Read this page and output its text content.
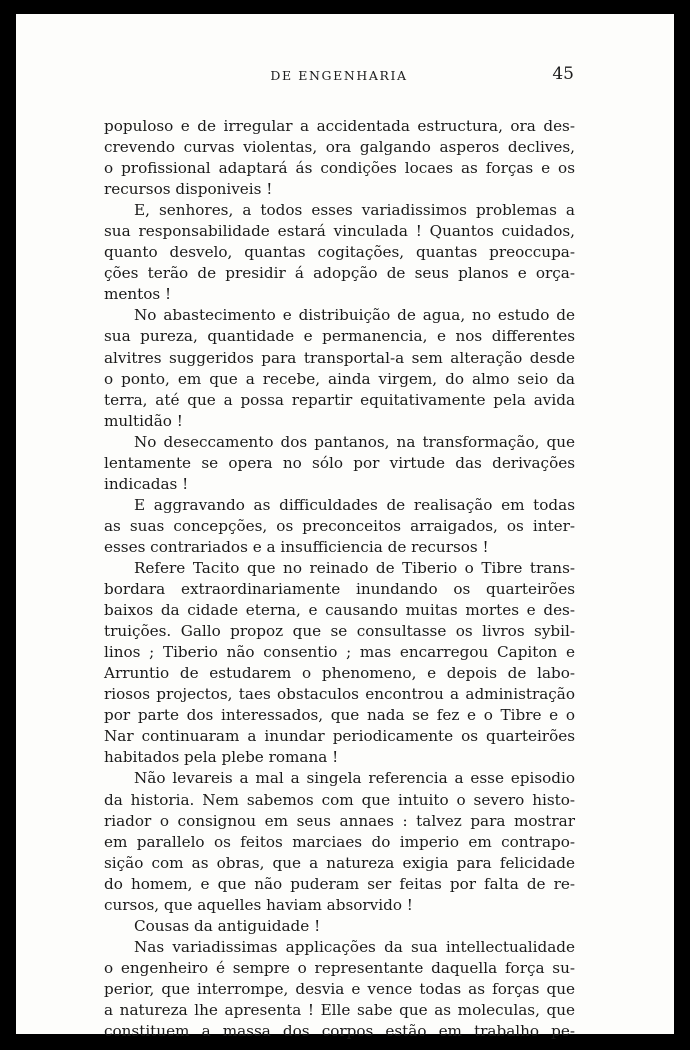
DE ENGENHARIA	45
populoso e de irregular a accidentada estructura, ora des-
crevendo curvas violentas, ora galgando asperos declives,
o profissional adaptará ás condições locaes as forças e os
recursos disponiveis !
E, senhores, a todos esses variadissimos problemas a
sua responsabilidade estará vinculada ! Quantos cuidados,
quanto desvelo, quantas cogitações, quantas preoccupa-
ções terão de presidir á adopção de seus planos e orça-
mentos !
No abastecimento e distribuição de agua, no estudo de
sua pureza, quantidade e permanencia, e nos differentes
alvitres suggeridos para transportal-a sem alteração desde
o ponto, em que a recebe, ainda virgem, do almo seio da
terra, até que a possa repartir equitativamente pela avida
multidão !
No deseccamento dos pantanos, na transformação, que
lentamente se opera no sólo por virtude das derivações
indicadas !
E aggravando as difficuldades de realisação em todas
as suas concepções, os preconceitos arraigados, os inter-
esses contrariados e a insufficiencia de recursos !
Refere Tacito que no reinado de Tiberio o Tibre trans-
bordara extraordinariamente inundando os quarteirões
baixos da cidade eterna, e causando muitas mortes e des-
truições. Gallo propoz que se consultasse os livros sybil-
linos ; Tiberio não consentio ; mas encarregou Capiton e
Arruntio de estudarem o phenomeno, e depois de labo-
riosos projectos, taes obstaculos encontrou a administração
por parte dos interessados, que nada se fez e o Tibre e o
Nar continuaram a inundar periodicamente os quarteirões
habitados pela plebe romana !
Não levareis a mal a singela referencia a esse episodio
da historia. Nem sabemos com que intuito o severo histo-
riador o consignou em seus annaes : talvez para mostrar
em parallelo os feitos marciaes do imperio em contrapo-
sição com as obras, que a natureza exigia para felicidade
do homem, e que não puderam ser feitas por falta de re-
cursos, que aquelles haviam absorvido !
Cousas da antiguidade !
Nas variadissimas applicações da sua intellectualidade
o engenheiro é sempre o representante daquella força su-
perior, que interrompe, desvia e vence todas as forças que
a natureza lhe apresenta ! Elle sabe que as moleculas, que
constituem a massa dos corpos estão em trabalho pe-
